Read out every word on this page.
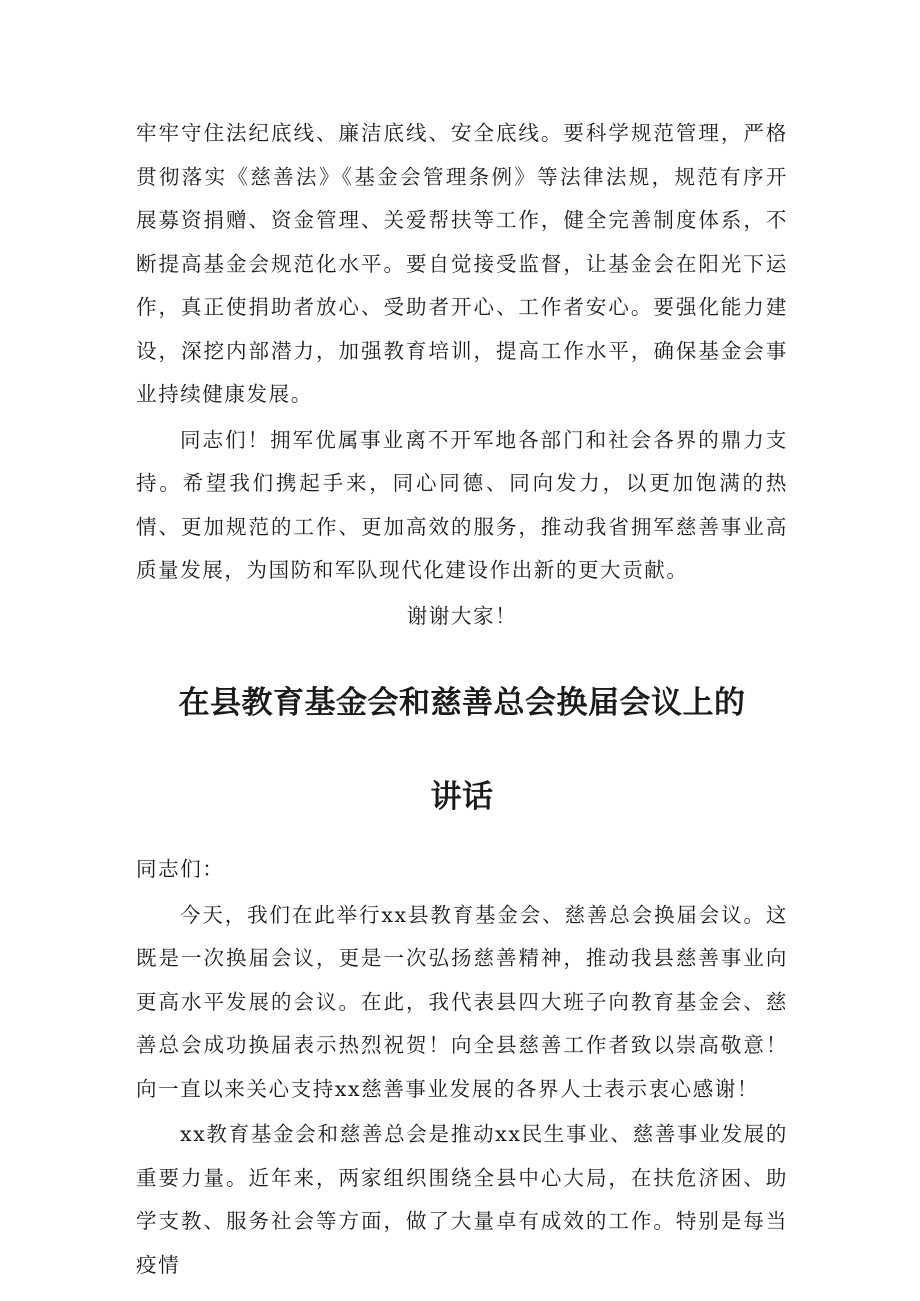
牢牢守住法纪底线、廉洁底线、安全底线。要科学规范管理，严格贯彻落实《慈善法》《基金会管理条例》等法律法规，规范有序开展募资捐赠、资金管理、关爱帮扶等工作，健全完善制度体系，不断提高基金会规范化水平。要自觉接受监督，让基金会在阳光下运作，真正使捐助者放心、受助者开心、工作者安心。要强化能力建设，深挖内部潜力，加强教育培训，提高工作水平，确保基金会事业持续健康发展。

同志们！拥军优属事业离不开军地各部门和社会各界的鼎力支持。希望我们携起手来，同心同德、同向发力，以更加饱满的热情、更加规范的工作、更加高效的服务，推动我省拥军慈善事业高质量发展，为国防和军队现代化建设作出新的更大贡献。

谢谢大家！

在县教育基金会和慈善总会换届会议上的
讲话

同志们：

今天，我们在此举行xx县教育基金会、慈善总会换届会议。这既是一次换届会议，更是一次弘扬慈善精神，推动我县慈善事业向更高水平发展的会议。在此，我代表县四大班子向教育基金会、慈善总会成功换届表示热烈祝贺！向全县慈善工作者致以崇高敬意！向一直以来关心支持xx慈善事业发展的各界人士表示衷心感谢！

xx教育基金会和慈善总会是推动xx民生事业、慈善事业发展的重要力量。近年来，两家组织围绕全县中心大局，在扶危济困、助学支教、服务社会等方面，做了大量卓有成效的工作。特别是每当疫情
